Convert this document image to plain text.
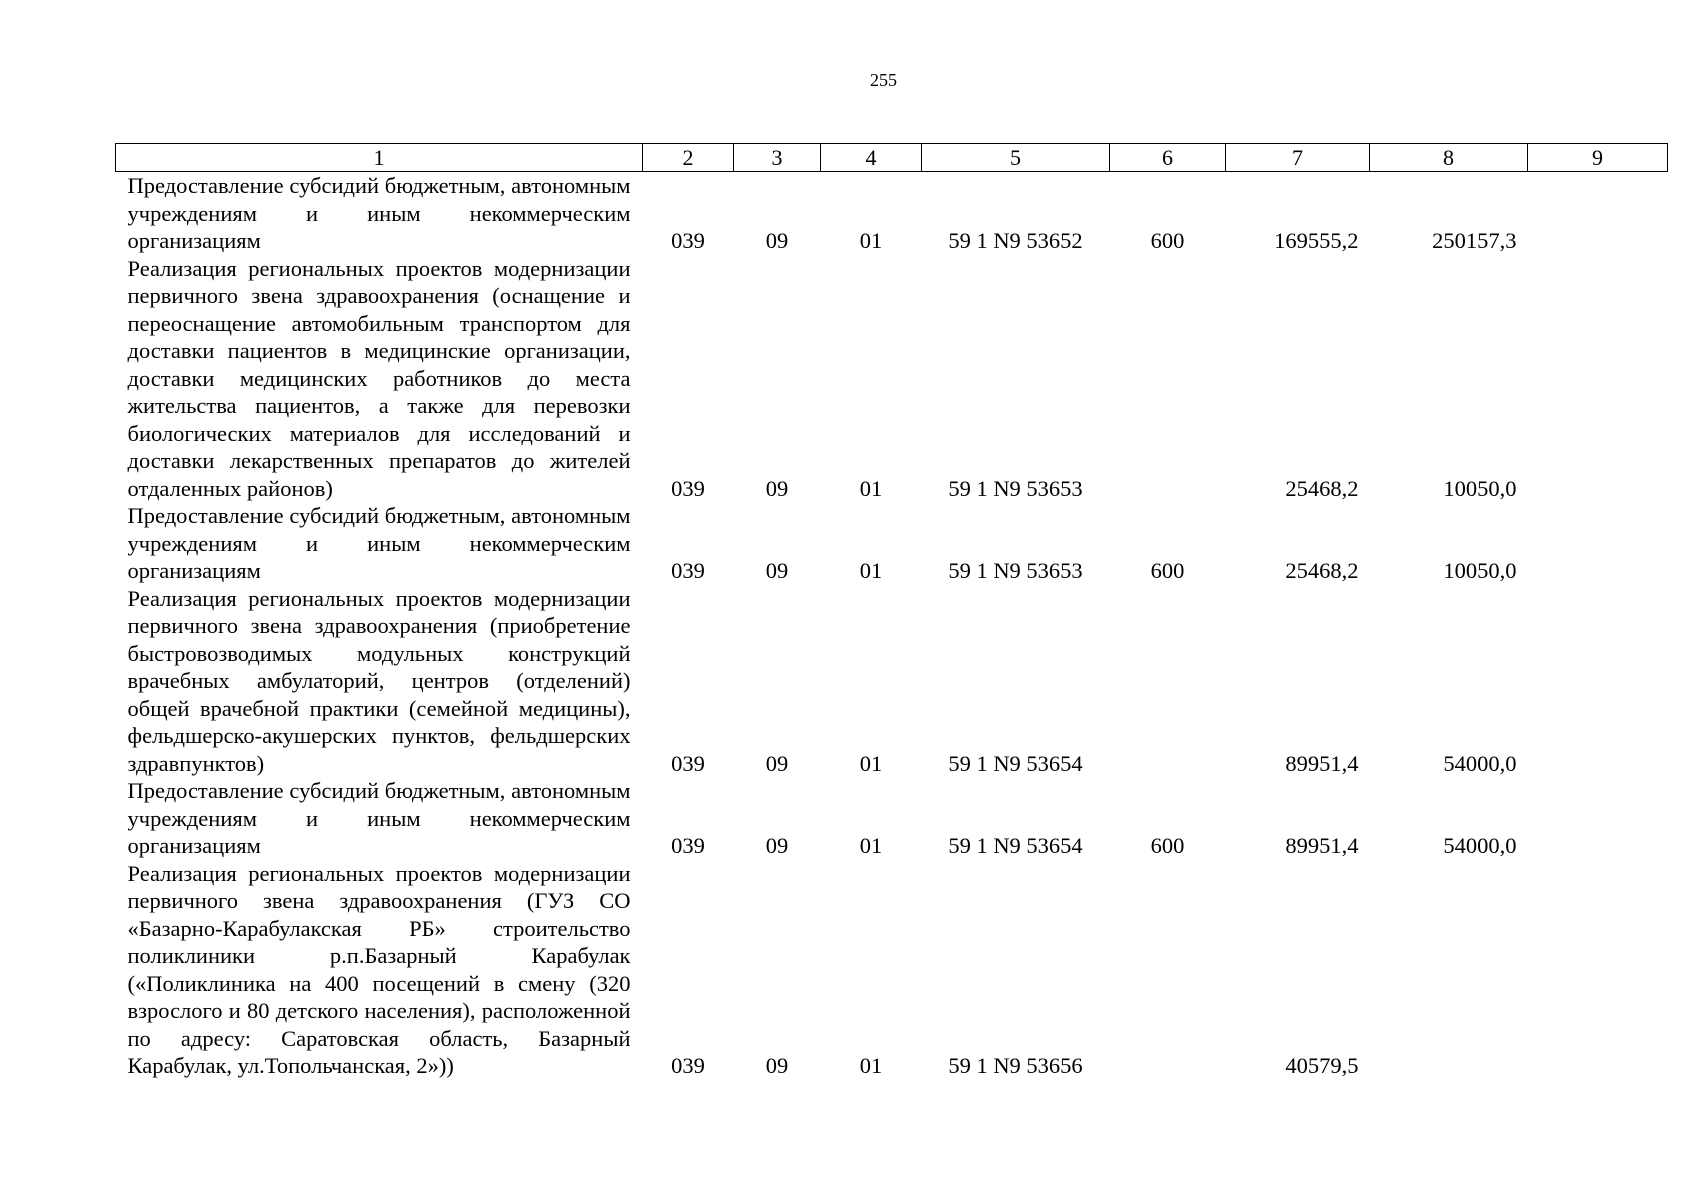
255
1	2	3	4	5	6	7	8	9
Предоставление субсидий бюджетным, автономным учреждениям и иным некоммерческим организациям	039	09	01	59 1 N9 53652	600	169555,2	250157,3	
Реализация региональных проектов модернизации первичного звена здравоохранения (оснащение и переоснащение автомобильным транспортом для доставки пациентов в медицинские организации, доставки медицинских работников до места жительства пациентов, а также для перевозки биологических материалов для исследований и доставки лекарственных препаратов до жителей отдаленных районов)	039	09	01	59 1 N9 53653		25468,2	10050,0	
Предоставление субсидий бюджетным, автономным учреждениям и иным некоммерческим организациям	039	09	01	59 1 N9 53653	600	25468,2	10050,0	
Реализация региональных проектов модернизации первичного звена здравоохранения (приобретение быстровозводимых модульных конструкций врачебных амбулаторий, центров (отделений) общей врачебной практики (семейной медицины), фельдшерско-акушерских пунктов, фельдшерских здравпунктов)	039	09	01	59 1 N9 53654		89951,4	54000,0	
Предоставление субсидий бюджетным, автономным учреждениям и иным некоммерческим организациям	039	09	01	59 1 N9 53654	600	89951,4	54000,0	
Реализация региональных проектов модернизации первичного звена здравоохранения (ГУЗ СО «Базарно-Карабулакская РБ» строительство поликлиники р.п.Базарный Карабулак («Поликлиника на 400 посещений в смену (320 взрослого и 80 детского населения), расположенной по адресу: Саратовская область, Базарный Карабулак, ул.Топольчанская, 2»))	039	09	01	59 1 N9 53656		40579,5		
